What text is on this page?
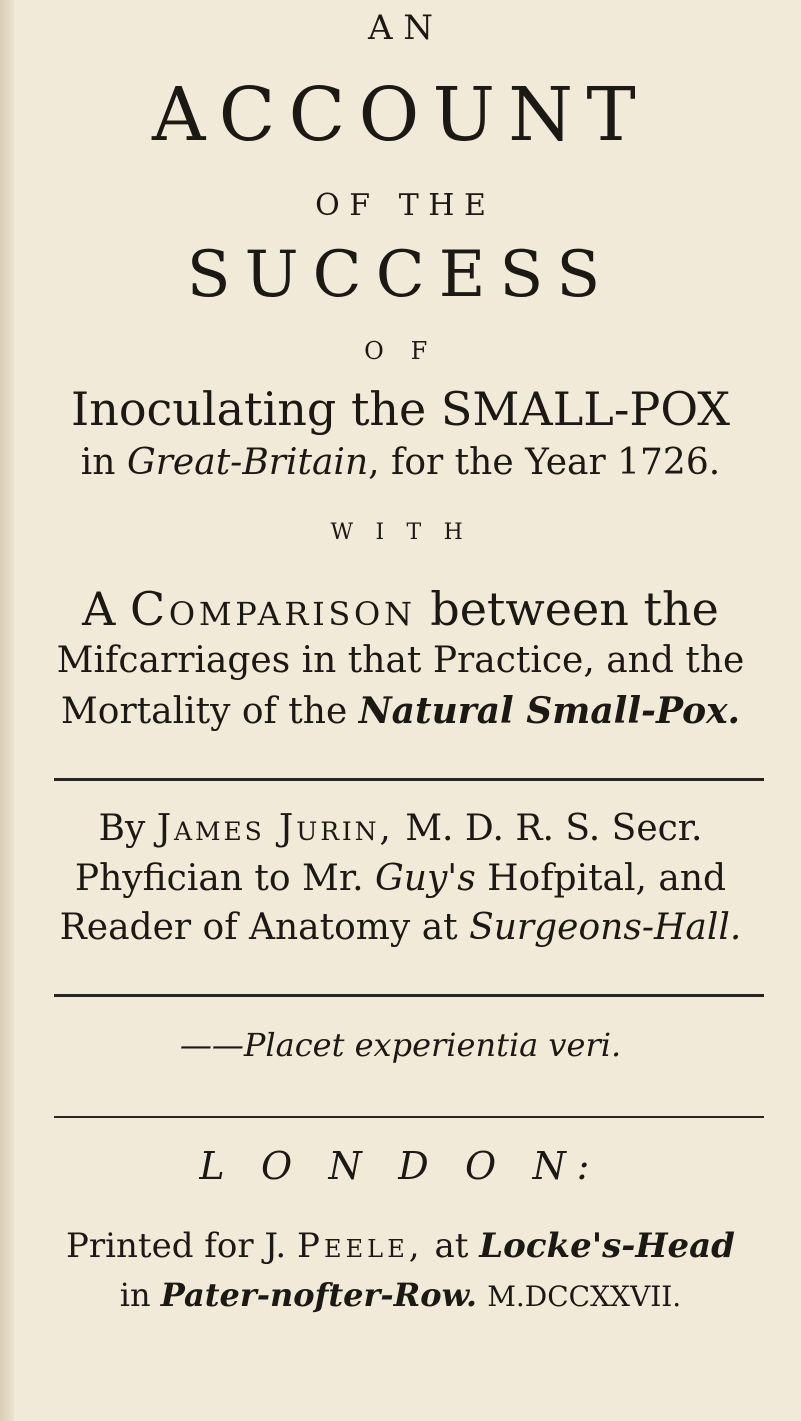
A N
ACCOUNT
O F   T H E
SUCCESS
O F
Inoculating the SMALL-POX
in Great-Britain, for the Year 1726.
W I T H
A Comparison between the
Mifcarriages in that Practice, and the
Mortality of the Natural Small-Pox.
By James Jurin, M. D. R. S. Secr.
Phyfician to Mr. Guy's Hofpital, and
Reader of Anatomy at Surgeons-Hall.
——Placet experientia veri.
L O N D O N:
Printed for J. Peele, at Locke's-Head
in Pater-nofter-Row. M.DCCXXVII.
